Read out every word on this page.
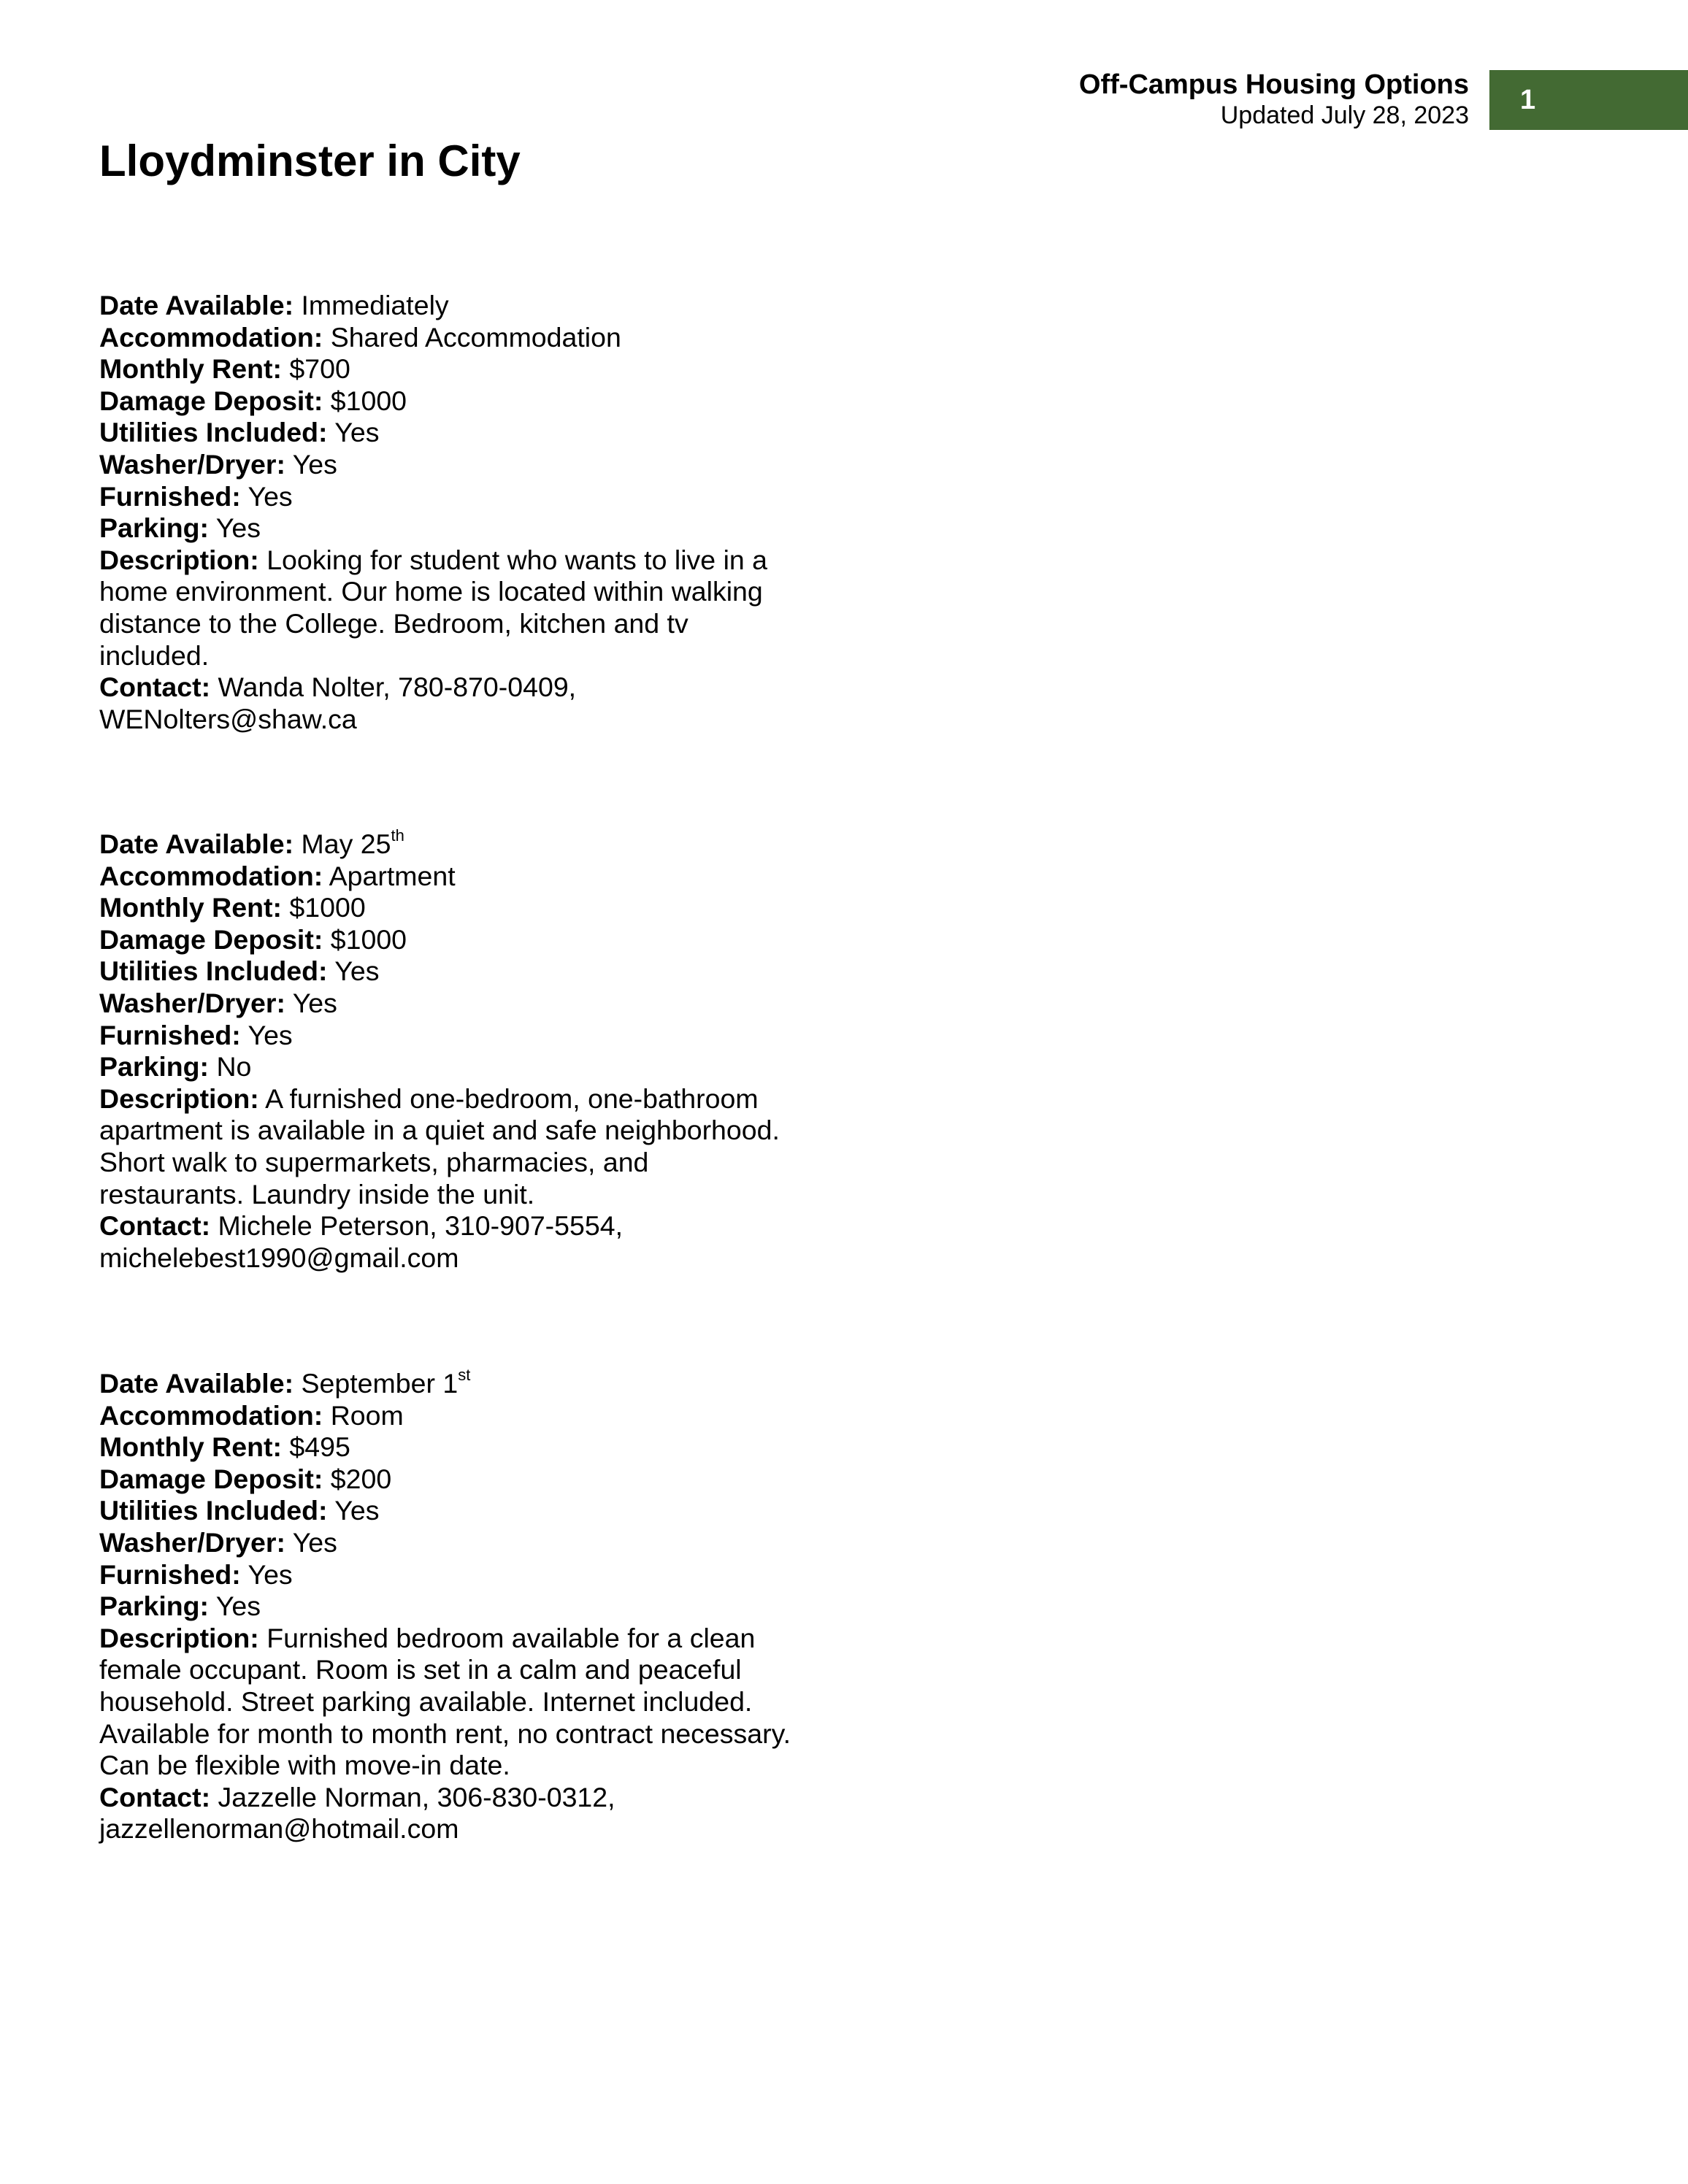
Off-Campus Housing Options
Updated July 28, 2023	1
Lloydminster in City
Date Available: Immediately
Accommodation: Shared Accommodation
Monthly Rent: $700
Damage Deposit: $1000
Utilities Included: Yes
Washer/Dryer: Yes
Furnished: Yes
Parking: Yes
Description: Looking for student who wants to live in a home environment. Our home is located within walking distance to the College. Bedroom, kitchen and tv included.
Contact: Wanda Nolter, 780-870-0409, WENolters@shaw.ca
Date Available: May 25th
Accommodation: Apartment
Monthly Rent: $1000
Damage Deposit: $1000
Utilities Included: Yes
Washer/Dryer: Yes
Furnished: Yes
Parking: No
Description: A furnished one-bedroom, one-bathroom apartment is available in a quiet and safe neighborhood. Short walk to supermarkets, pharmacies, and restaurants. Laundry inside the unit.
Contact: Michele Peterson, 310-907-5554, michelebest1990@gmail.com
Date Available: September 1st
Accommodation: Room
Monthly Rent: $495
Damage Deposit: $200
Utilities Included: Yes
Washer/Dryer: Yes
Furnished: Yes
Parking: Yes
Description: Furnished bedroom available for a clean female occupant. Room is set in a calm and peaceful household. Street parking available. Internet included. Available for month to month rent, no contract necessary. Can be flexible with move-in date.
Contact: Jazzelle Norman, 306-830-0312, jazzellenorman@hotmail.com
